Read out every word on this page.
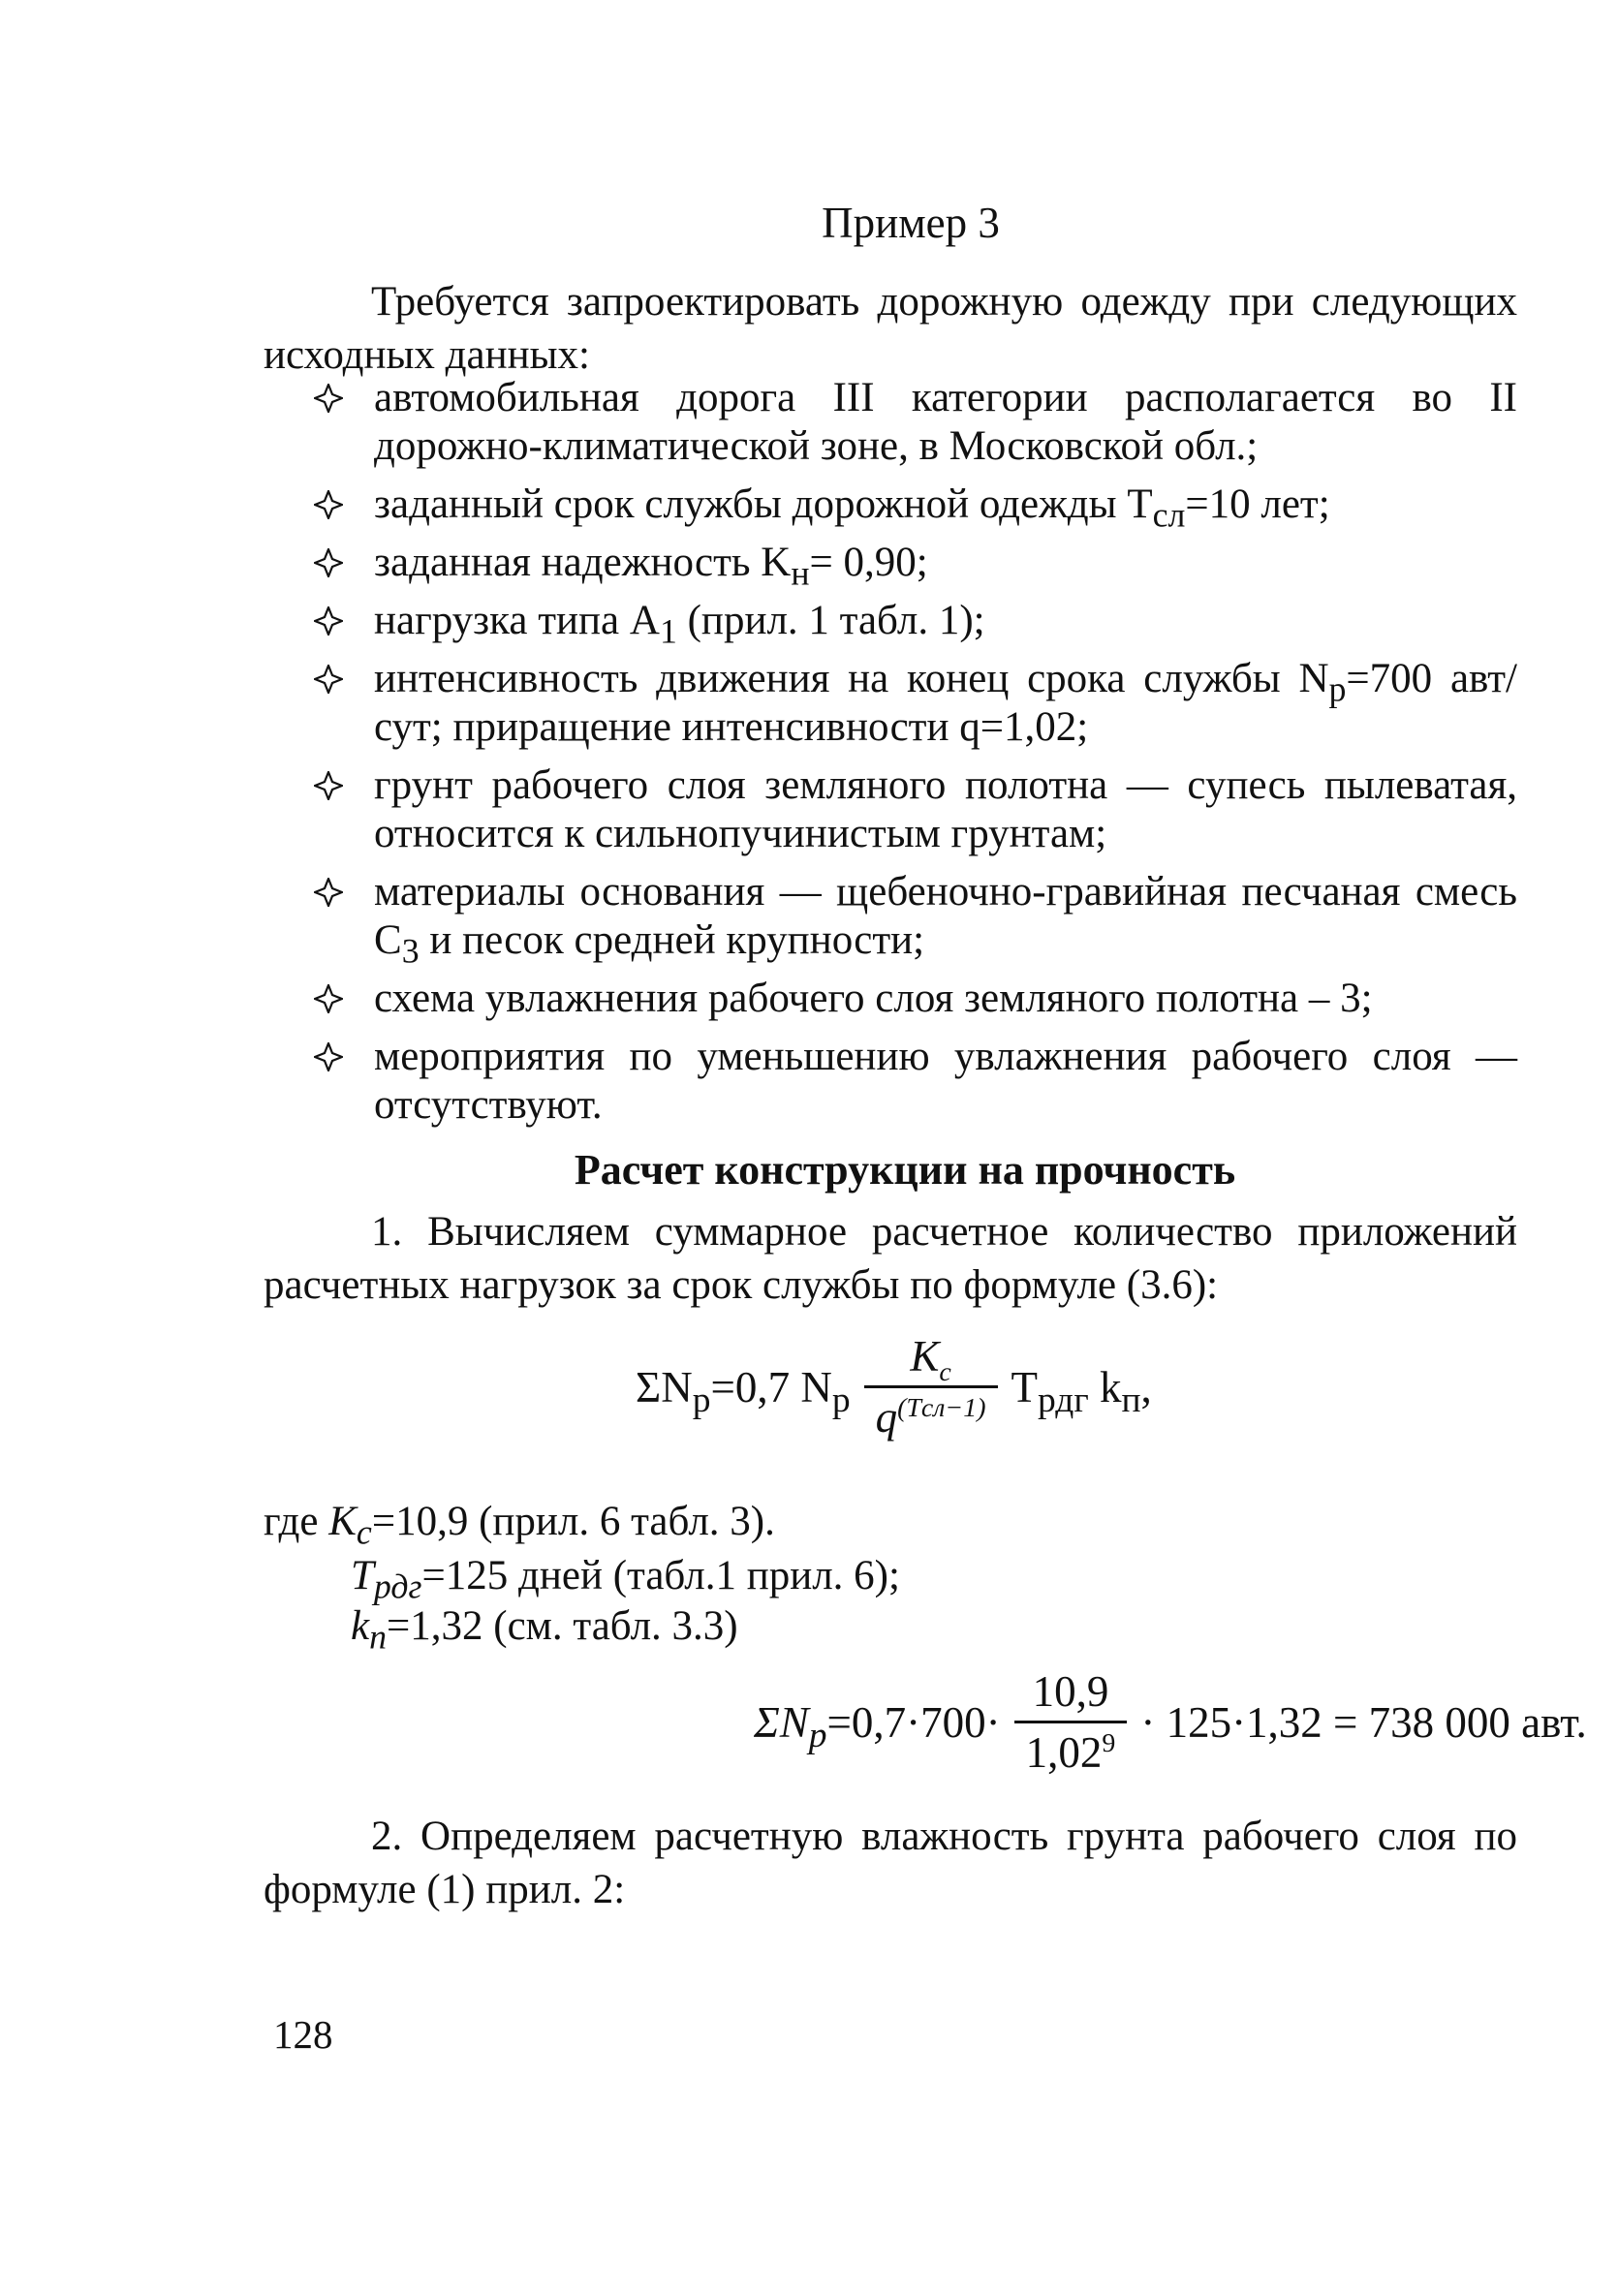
Пример 3
Требуется запроектировать дорожную одежду при следующих исходных данных:
автомобильная дорога III категории располагается во II дорожно-климатической зоне, в Московской обл.;
заданный срок службы дорожной одежды $T_{сл}=10$ лет;
заданная надежность $K_н= 0,90$;
нагрузка типа $A_1$ (прил. 1 табл. 1);
интенсивность движения на конец срока службы $N_р=700$ авт/сут; приращение интенсивности q=1,02;
грунт рабочего слоя земляного полотна — супесь пылеватая, относится к сильнопучинистым грунтам;
материалы основания — щебеночно-гравийная песчаная смесь $C_3$ и песок средней крупности;
схема увлажнения рабочего слоя земляного полотна – 3;
мероприятия по уменьшению увлажнения рабочего слоя — отсутствуют.
Расчет конструкции на прочность
1. Вычисляем суммарное расчетное количество приложений расчетных нагрузок за срок службы по формуле (3.6):
$\Sigma N_р =0,7$ $N_р \frac{K_c}{q^{(Tсл-1)}} T_{рдг}$ $k_п$,
где $K_c=10,9$ (прил. 6 табл. 3).
$T_{рдг}=125$ дней (табл.1 прил. 6);
$k_п=1,32$ (см. табл. 3.3)
$\Sigma N_p =0,7\cdot 700\cdot \frac{10,9}{1,02^9} \cdot 125\cdot 1,32 = 738$ 000 авт.
2. Определяем расчетную влажность грунта рабочего слоя по формуле (1) прил. 2:
128
